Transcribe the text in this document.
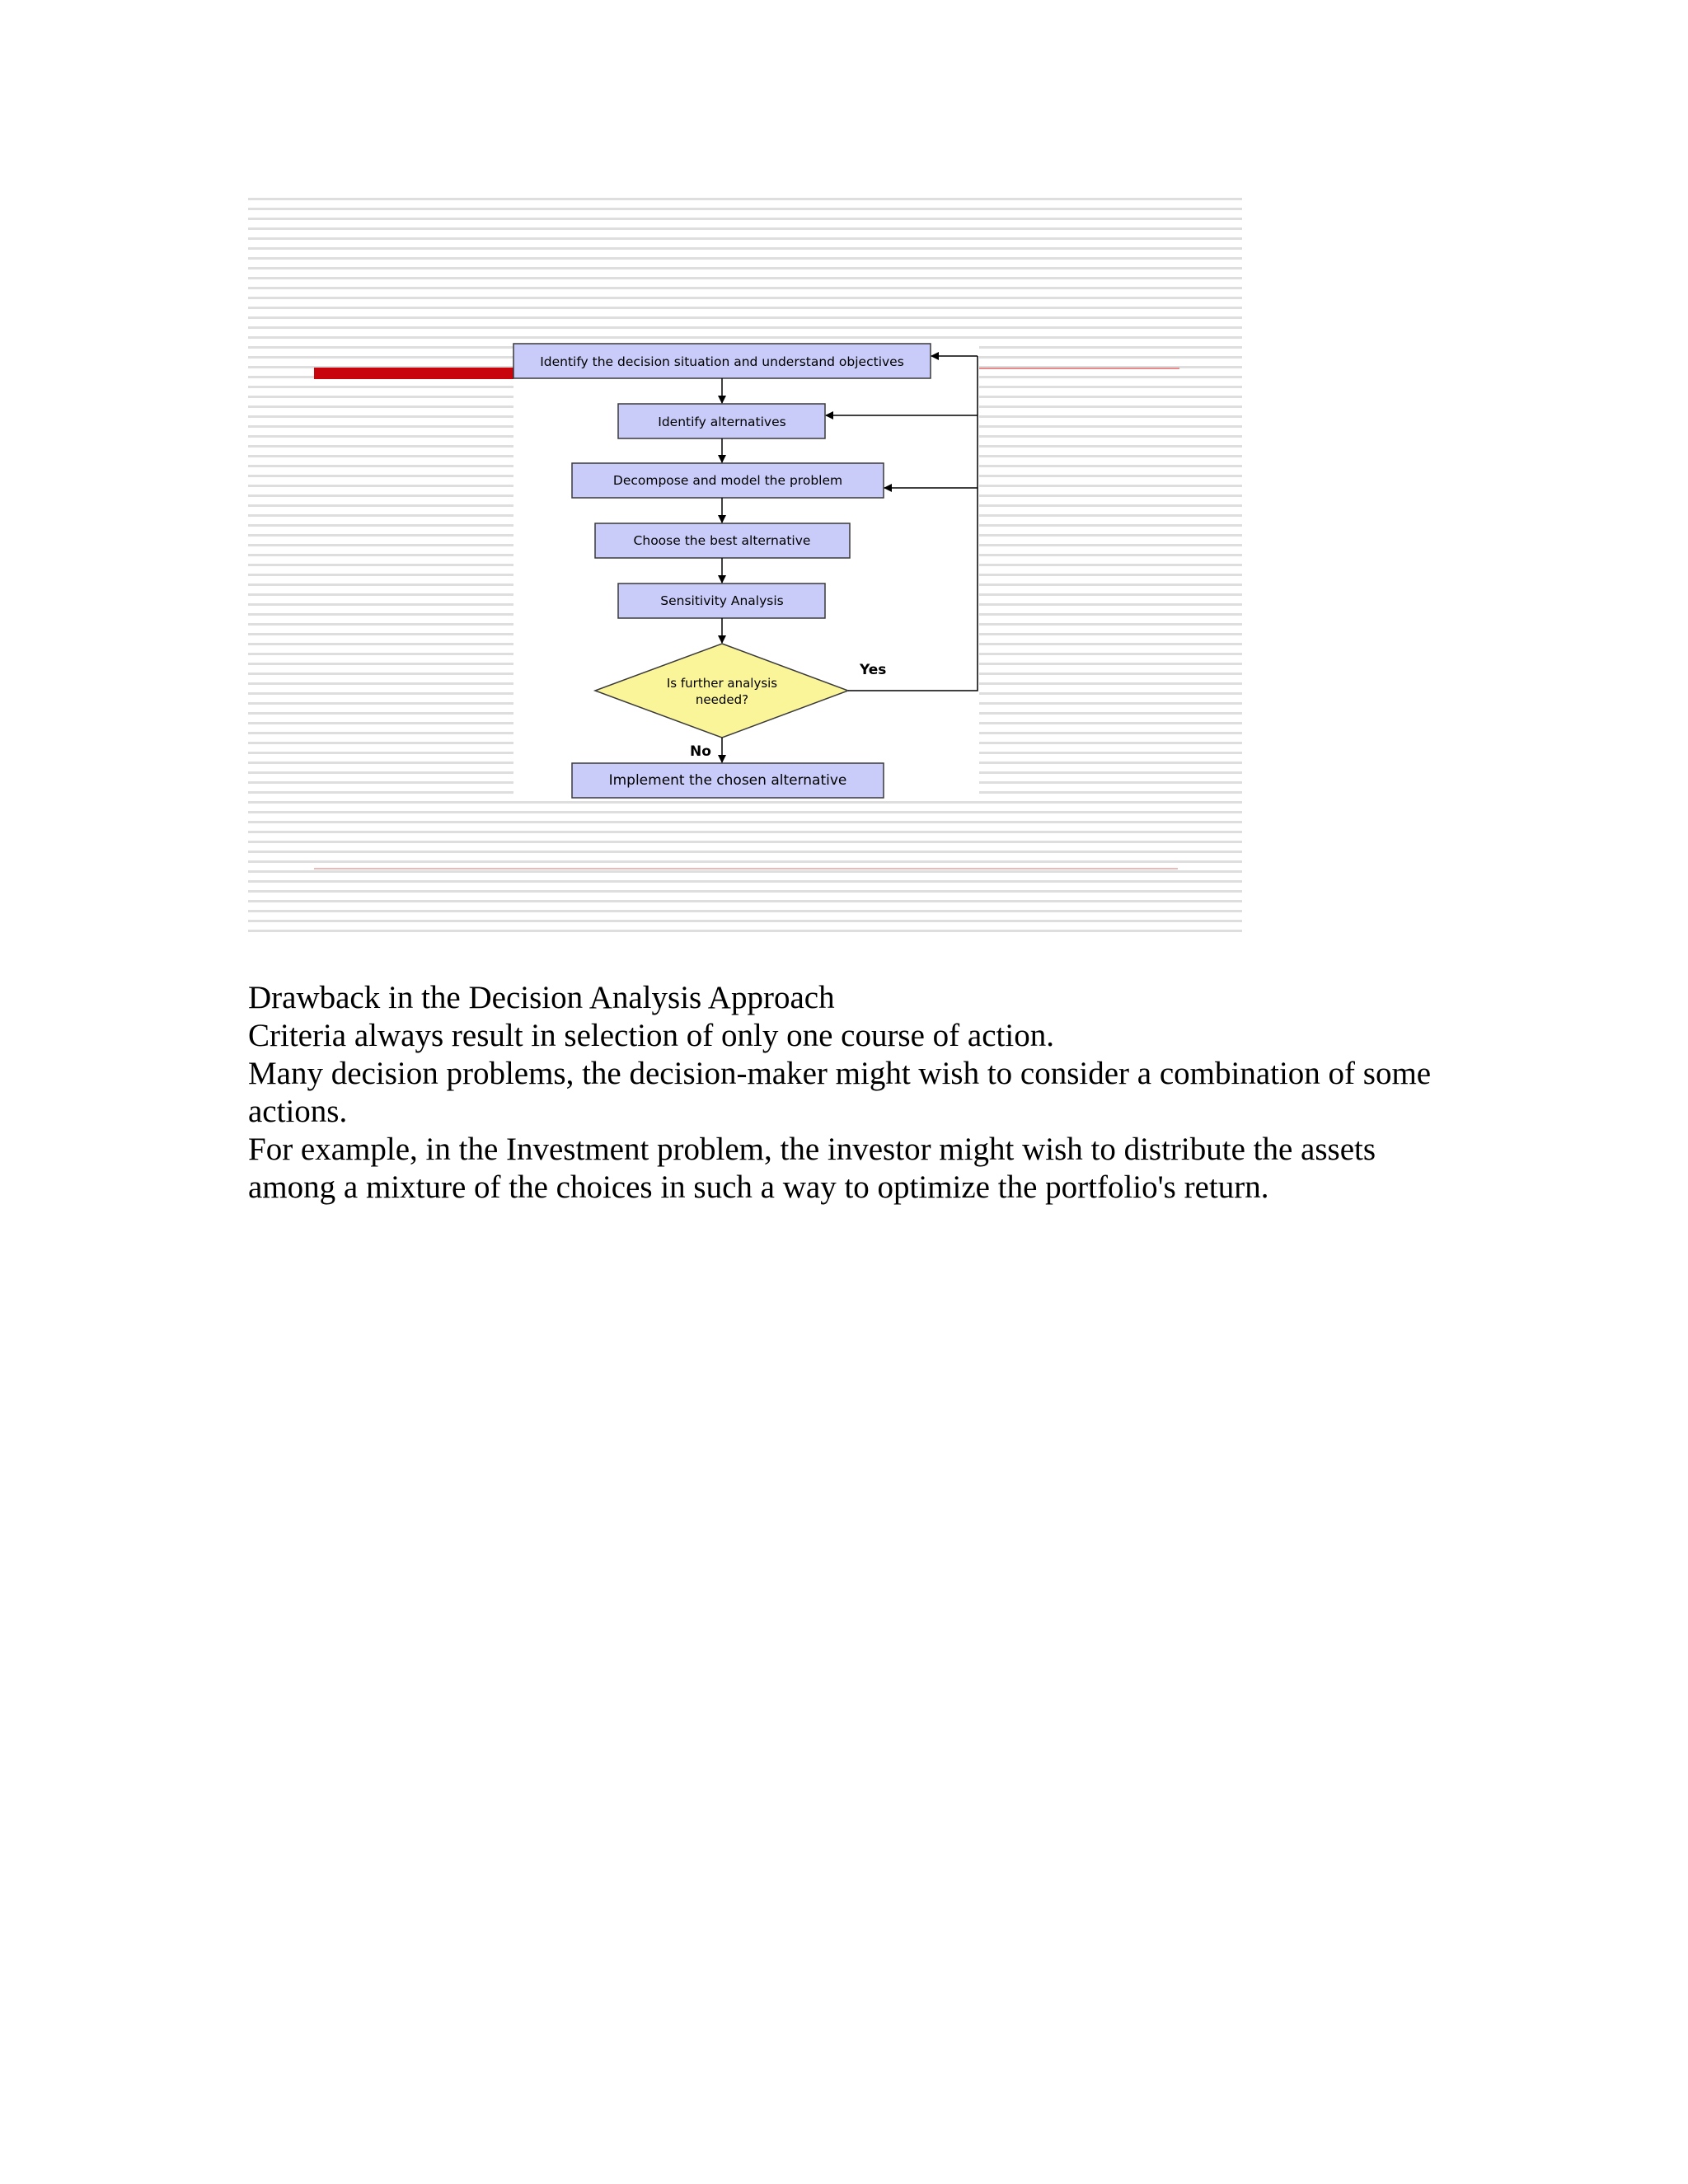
Identify the decision situation and understand objectives
Identify alternatives
Decompose and model the problem
Choose the best alternative
Sensitivity Analysis
Is further analysis
needed?
Implement the chosen alternative
Yes
No

Drawback in the Decision Analysis Approach

Criteria always result in selection of only one course of action.

Many decision problems, the decision-maker might wish to consider a combination of some actions.

For example, in the Investment problem, the investor might wish to distribute the assets among a mixture of the choices in such a way to optimize the portfolio's return.
